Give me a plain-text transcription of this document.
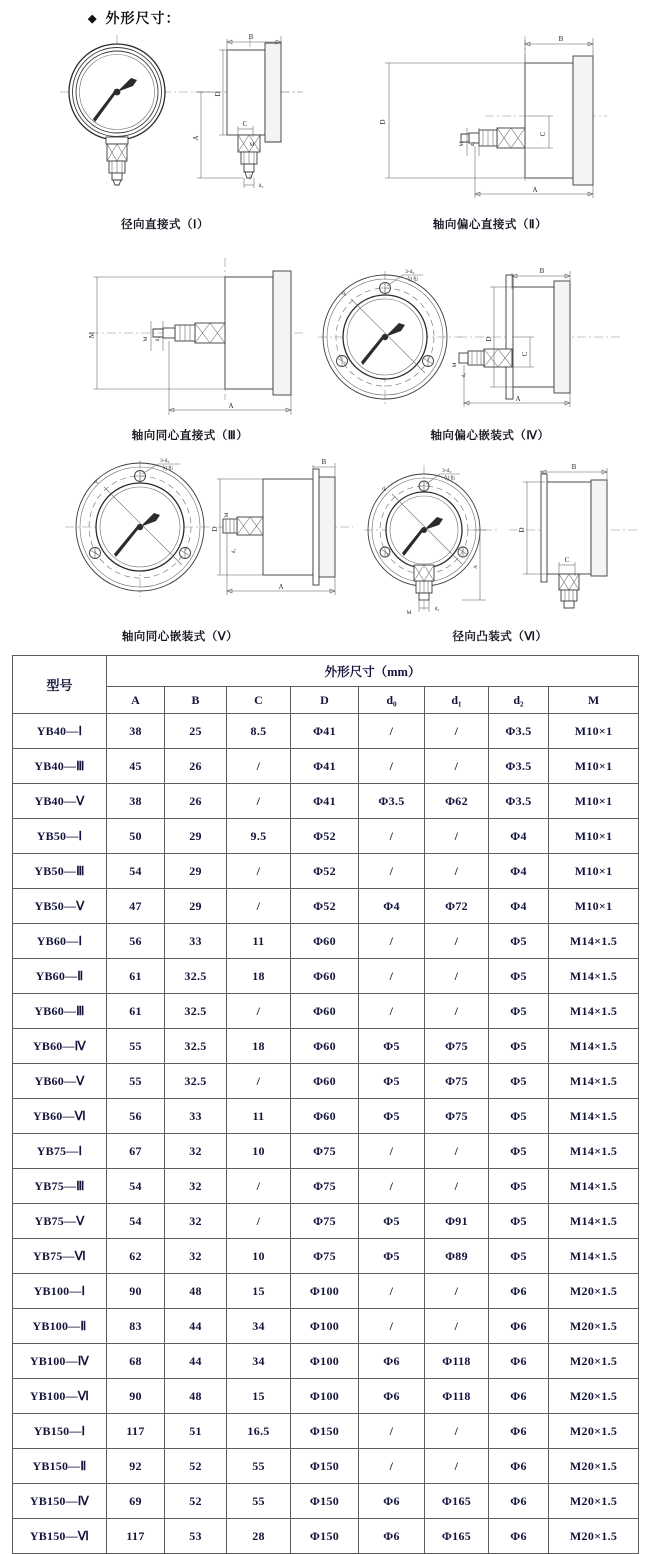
◆ 外形尺寸：
B
D
A
C
M
d₂
径向直接式（Ⅰ）
B
D
C
A
M d₂
轴向偏心直接式（Ⅱ）
M
A
M d₂
轴向同心直接式（Ⅲ）
d₁
3-d₀
匀布
B
D
C
A
M
d₂
轴向偏心嵌装式（Ⅳ）
d₁
3-d₀
匀布
B
D
A
M
d₂
轴向同心嵌装式（Ⅴ）
d₁
3-d₀
匀布
A
d₂
M
B
D
C
径向凸装式（Ⅵ）
型号	外形尺寸（mm）							
	A	B	C	D	d₀	d₁	d₂	M
YB40—Ⅰ	38	25	8.5	Φ41	/	/	Φ3.5	M10×1
YB40—Ⅲ	45	26	/	Φ41	/	/	Φ3.5	M10×1
YB40—Ⅴ	38	26	/	Φ41	Φ3.5	Φ62	Φ3.5	M10×1
YB50—Ⅰ	50	29	9.5	Φ52	/	/	Φ4	M10×1
YB50—Ⅲ	54	29	/	Φ52	/	/	Φ4	M10×1
YB50—Ⅴ	47	29	/	Φ52	Φ4	Φ72	Φ4	M10×1
YB60—Ⅰ	56	33	11	Φ60	/	/	Φ5	M14×1.5
YB60—Ⅱ	61	32.5	18	Φ60	/	/	Φ5	M14×1.5
YB60—Ⅲ	61	32.5	/	Φ60	/	/	Φ5	M14×1.5
YB60—Ⅳ	55	32.5	18	Φ60	Φ5	Φ75	Φ5	M14×1.5
YB60—Ⅴ	55	32.5	/	Φ60	Φ5	Φ75	Φ5	M14×1.5
YB60—Ⅵ	56	33	11	Φ60	Φ5	Φ75	Φ5	M14×1.5
YB75—Ⅰ	67	32	10	Φ75	/	/	Φ5	M14×1.5
YB75—Ⅲ	54	32	/	Φ75	/	/	Φ5	M14×1.5
YB75—Ⅴ	54	32	/	Φ75	Φ5	Φ91	Φ5	M14×1.5
YB75—Ⅵ	62	32	10	Φ75	Φ5	Φ89	Φ5	M14×1.5
YB100—Ⅰ	90	48	15	Φ100	/	/	Φ6	M20×1.5
YB100—Ⅱ	83	44	34	Φ100	/	/	Φ6	M20×1.5
YB100—Ⅳ	68	44	34	Φ100	Φ6	Φ118	Φ6	M20×1.5
YB100—Ⅵ	90	48	15	Φ100	Φ6	Φ118	Φ6	M20×1.5
YB150—Ⅰ	117	51	16.5	Φ150	/	/	Φ6	M20×1.5
YB150—Ⅱ	92	52	55	Φ150	/	/	Φ6	M20×1.5
YB150—Ⅳ	69	52	55	Φ150	Φ6	Φ165	Φ6	M20×1.5
YB150—Ⅵ	117	53	28	Φ150	Φ6	Φ165	Φ6	M20×1.5
